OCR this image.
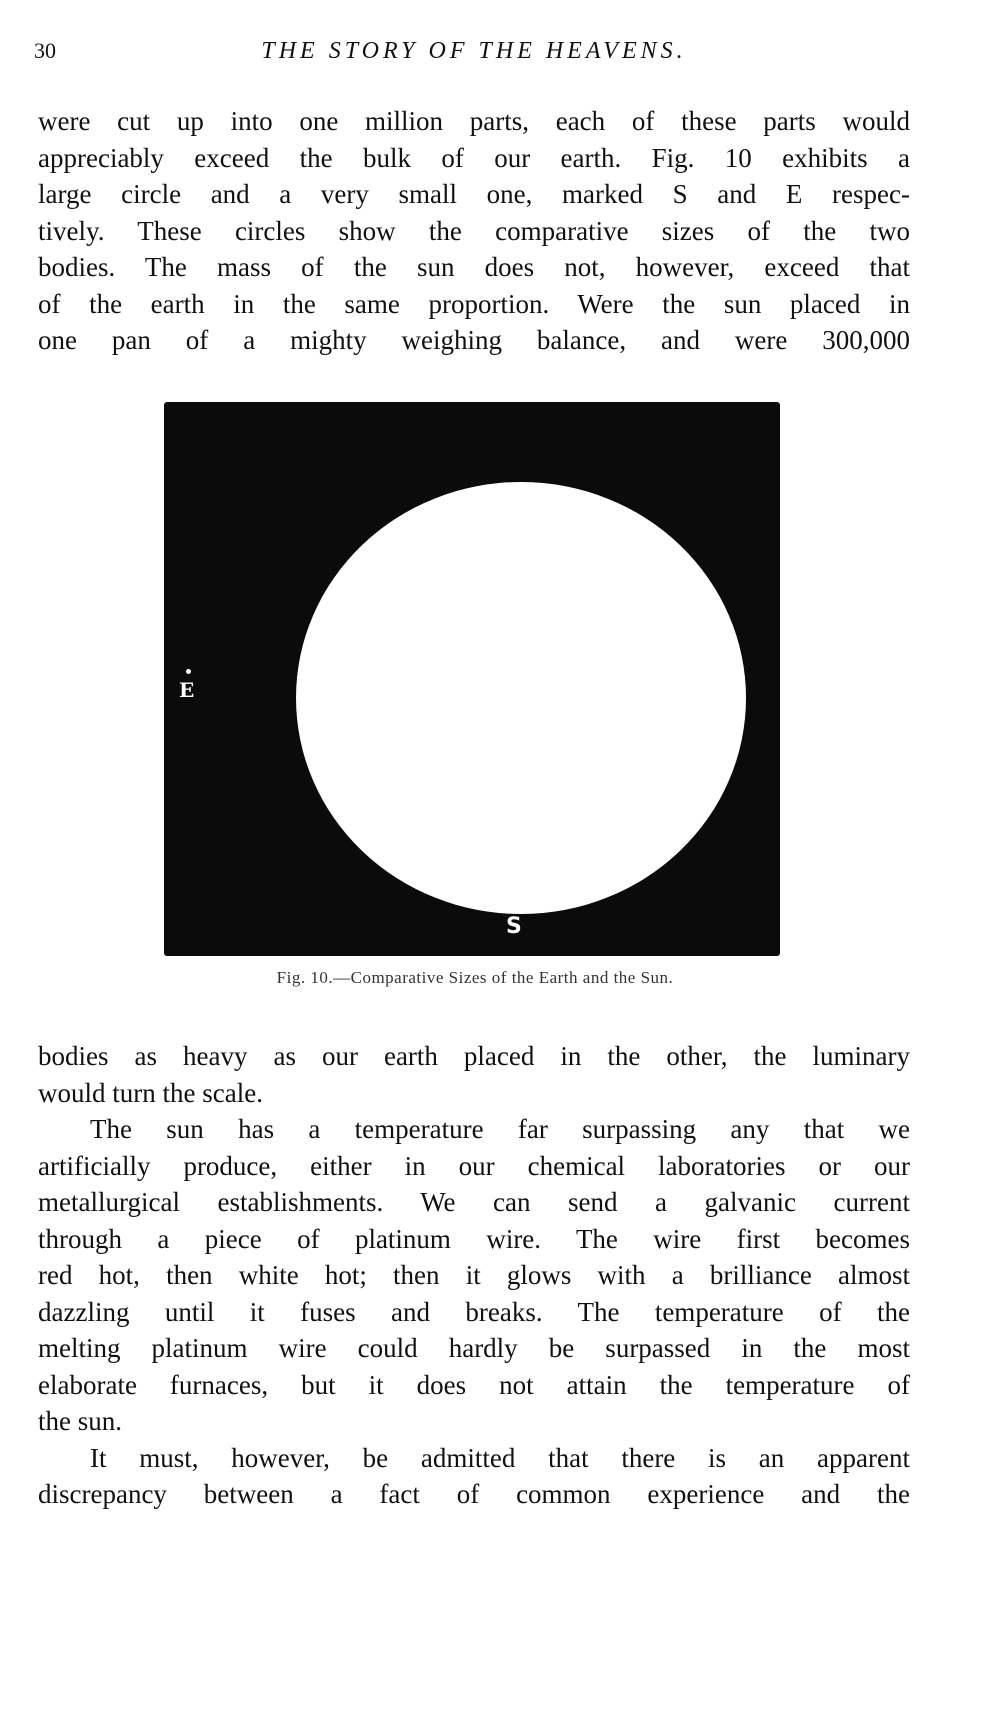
30	THE STORY OF THE HEAVENS.
were cut up into one million parts, each of these parts would
appreciably exceed the bulk of our earth. Fig. 10 exhibits a
large circle and a very small one, marked S and E respec-
tively. These circles show the comparative sizes of the two
bodies. The mass of the sun does not, however, exceed that
of the earth in the same proportion. Were the sun placed in
one pan of a mighty weighing balance, and were 300,000
E
S
Fig. 10.—Comparative Sizes of the Earth and the Sun.
bodies as heavy as our earth placed in the other, the luminary
would turn the scale.
The sun has a temperature far surpassing any that we
artificially produce, either in our chemical laboratories or our
metallurgical establishments. We can send a galvanic current
through a piece of platinum wire. The wire first becomes
red hot, then white hot; then it glows with a brilliance almost
dazzling until it fuses and breaks. The temperature of the
melting platinum wire could hardly be surpassed in the most
elaborate furnaces, but it does not attain the temperature of
the sun.
It must, however, be admitted that there is an apparent
discrepancy between a fact of common experience and the
